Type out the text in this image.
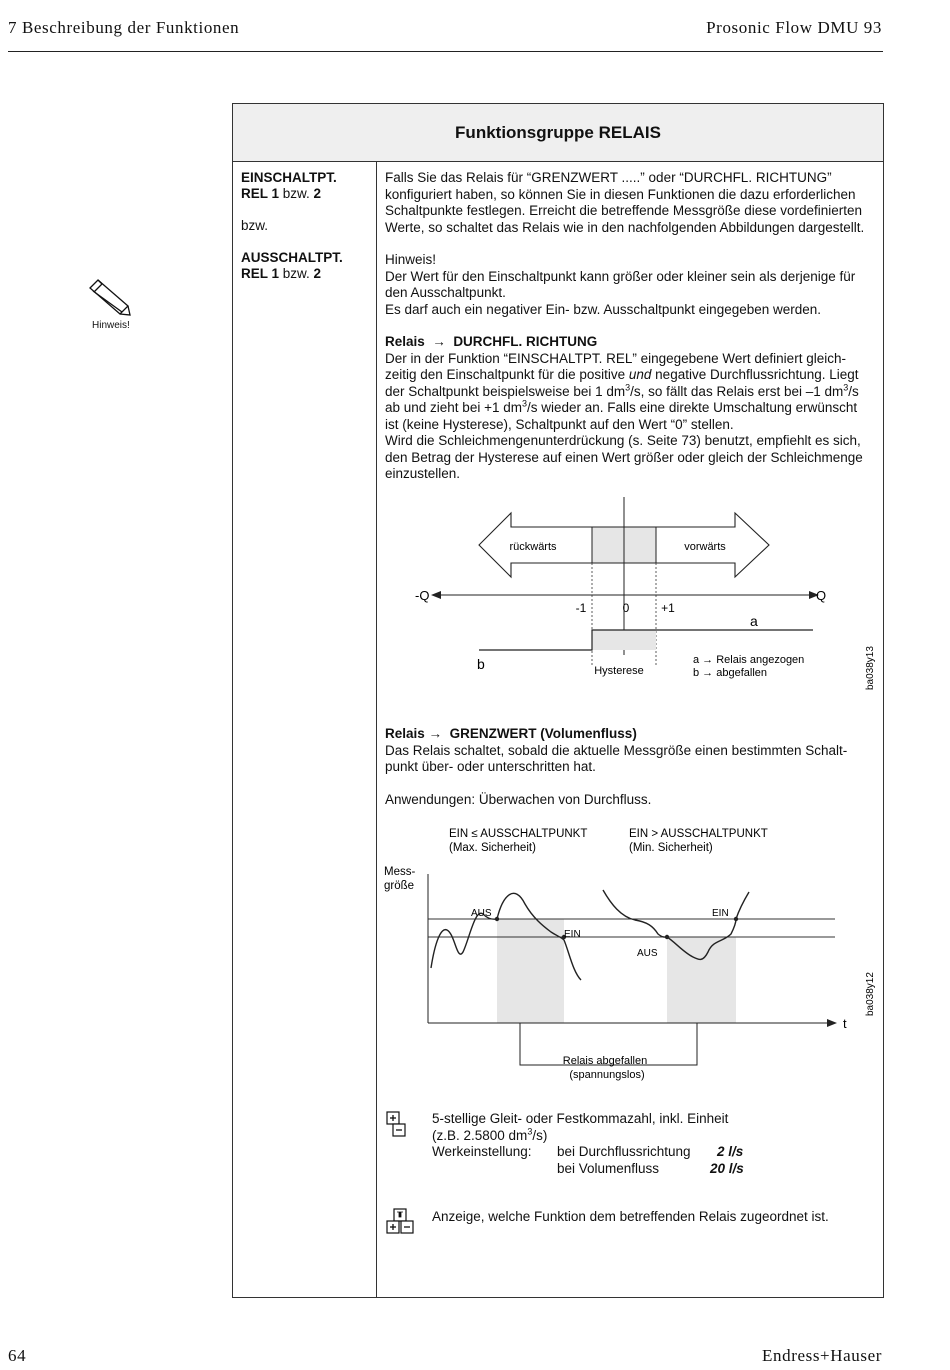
7 Beschreibung der Funktionen	Prosonic Flow DMU 93
Hinweis!
Funktionsgruppe RELAIS

EINSCHALTPT.

REL 1 bzw. 2

bzw.

AUSSCHALTPT.

REL 1 bzw. 2

Falls Sie das Relais für “GRENZWERT .....” oder “DURCHFL. RICHTUNG”

konfiguriert haben, so können Sie in diesen Funktionen die dazu erforderlichen

Schaltpunkte festlegen. Erreicht die betreffende Messgröße diese vordefinierten

Werte, so schaltet das Relais wie in den nachfolgenden Abbildungen dargestellt.

Hinweis!

Der Wert für den Einschaltpunkt kann größer oder kleiner sein als derjenige für

den Ausschaltpunkt.

Es darf auch ein negativer Ein- bzw. Ausschaltpunkt eingegeben werden.

Relais → DURCHFL. RICHTUNG

Der in der Funktion “EINSCHALTPT. REL” eingegebene Wert definiert gleich-

zeitig den Einschaltpunkt für die positive und negative Durchflussrichtung. Liegt

der Schaltpunkt beispielsweise bei 1 $dm^3/s$, so fällt das Relais erst bei –1 $dm^3/s$

ab und zieht bei +1 $dm^3/s$ wieder an. Falls eine direkte Umschaltung erwünscht

ist (keine Hysterese), Schaltpunkt auf den Wert “0” stellen.

Wird die Schleichmengenunterdrückung (s. Seite 73) benutzt, empfiehlt es sich,

den Betrag der Hysterese auf einen Wert größer oder gleich der Schleichmenge

einzustellen.

Relais → GRENZWERT (Volumenfluss)

Das Relais schaltet, sobald die aktuelle Messgröße einen bestimmten Schalt-

punkt über- oder unterschritten hat.

Anwendungen: Überwachen von Durchfluss.

rückwärts	vorwärts
-Q	Q
-1	0	+1
a
b	Hysterese
a → Relais angezogen
b → abgefallen	ba038y13
EIN ≤ AUSSCHALTPUNKT
(Max. Sicherheit)
EIN > AUSSCHALTPUNKT
(Min. Sicherheit)
Mess-
größe
t
AUS
EIN
AUS
EIN
Relais abgefallen
(spannungslos)
ba038y12

5-stellige Gleit- oder Festkommazahl, inkl. Einheit

(z.B. 2.5800 $dm^3/s$)

Werkeinstellung: bei Durchflussrichtung 2 l/s

bei Volumenfluss	20 l/s

Anzeige, welche Funktion dem betreffenden Relais zugeordnet ist.

64	Endress+Hauser
